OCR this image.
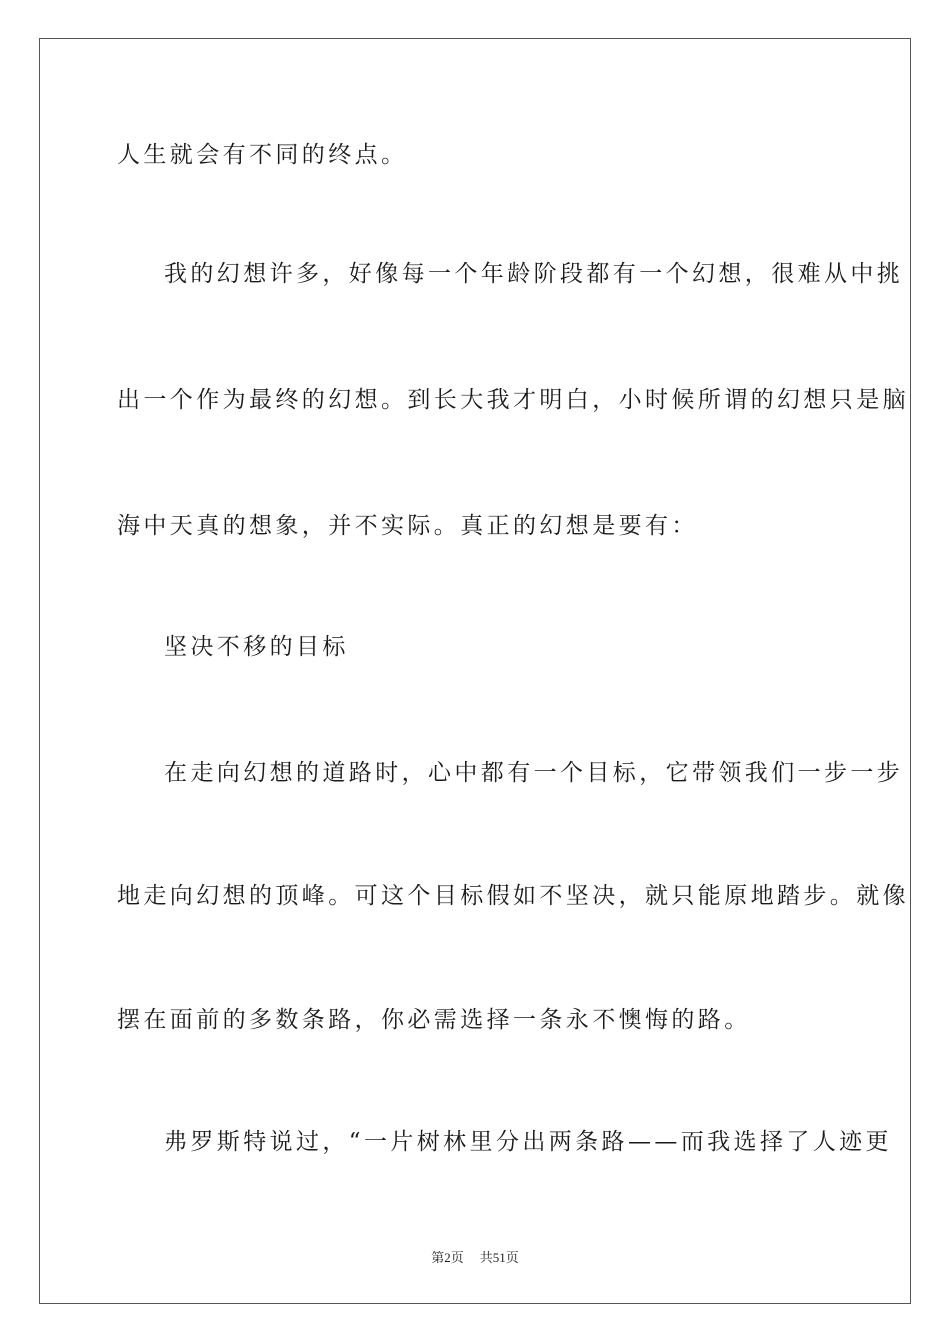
人生就会有不同的终点。
我的幻想许多，好像每一个年龄阶段都有一个幻想，很难从中挑
出一个作为最终的幻想。到长大我才明白，小时候所谓的幻想只是脑
海中天真的想象，并不实际。真正的幻想是要有：
坚决不移的目标
在走向幻想的道路时，心中都有一个目标，它带领我们一步一步
地走向幻想的顶峰。可这个目标假如不坚决，就只能原地踏步。就像
摆在面前的多数条路，你必需选择一条永不懊悔的路。
弗罗斯特说过，“一片树林里分出两条路——而我选择了人迹更
第2页 共51页
